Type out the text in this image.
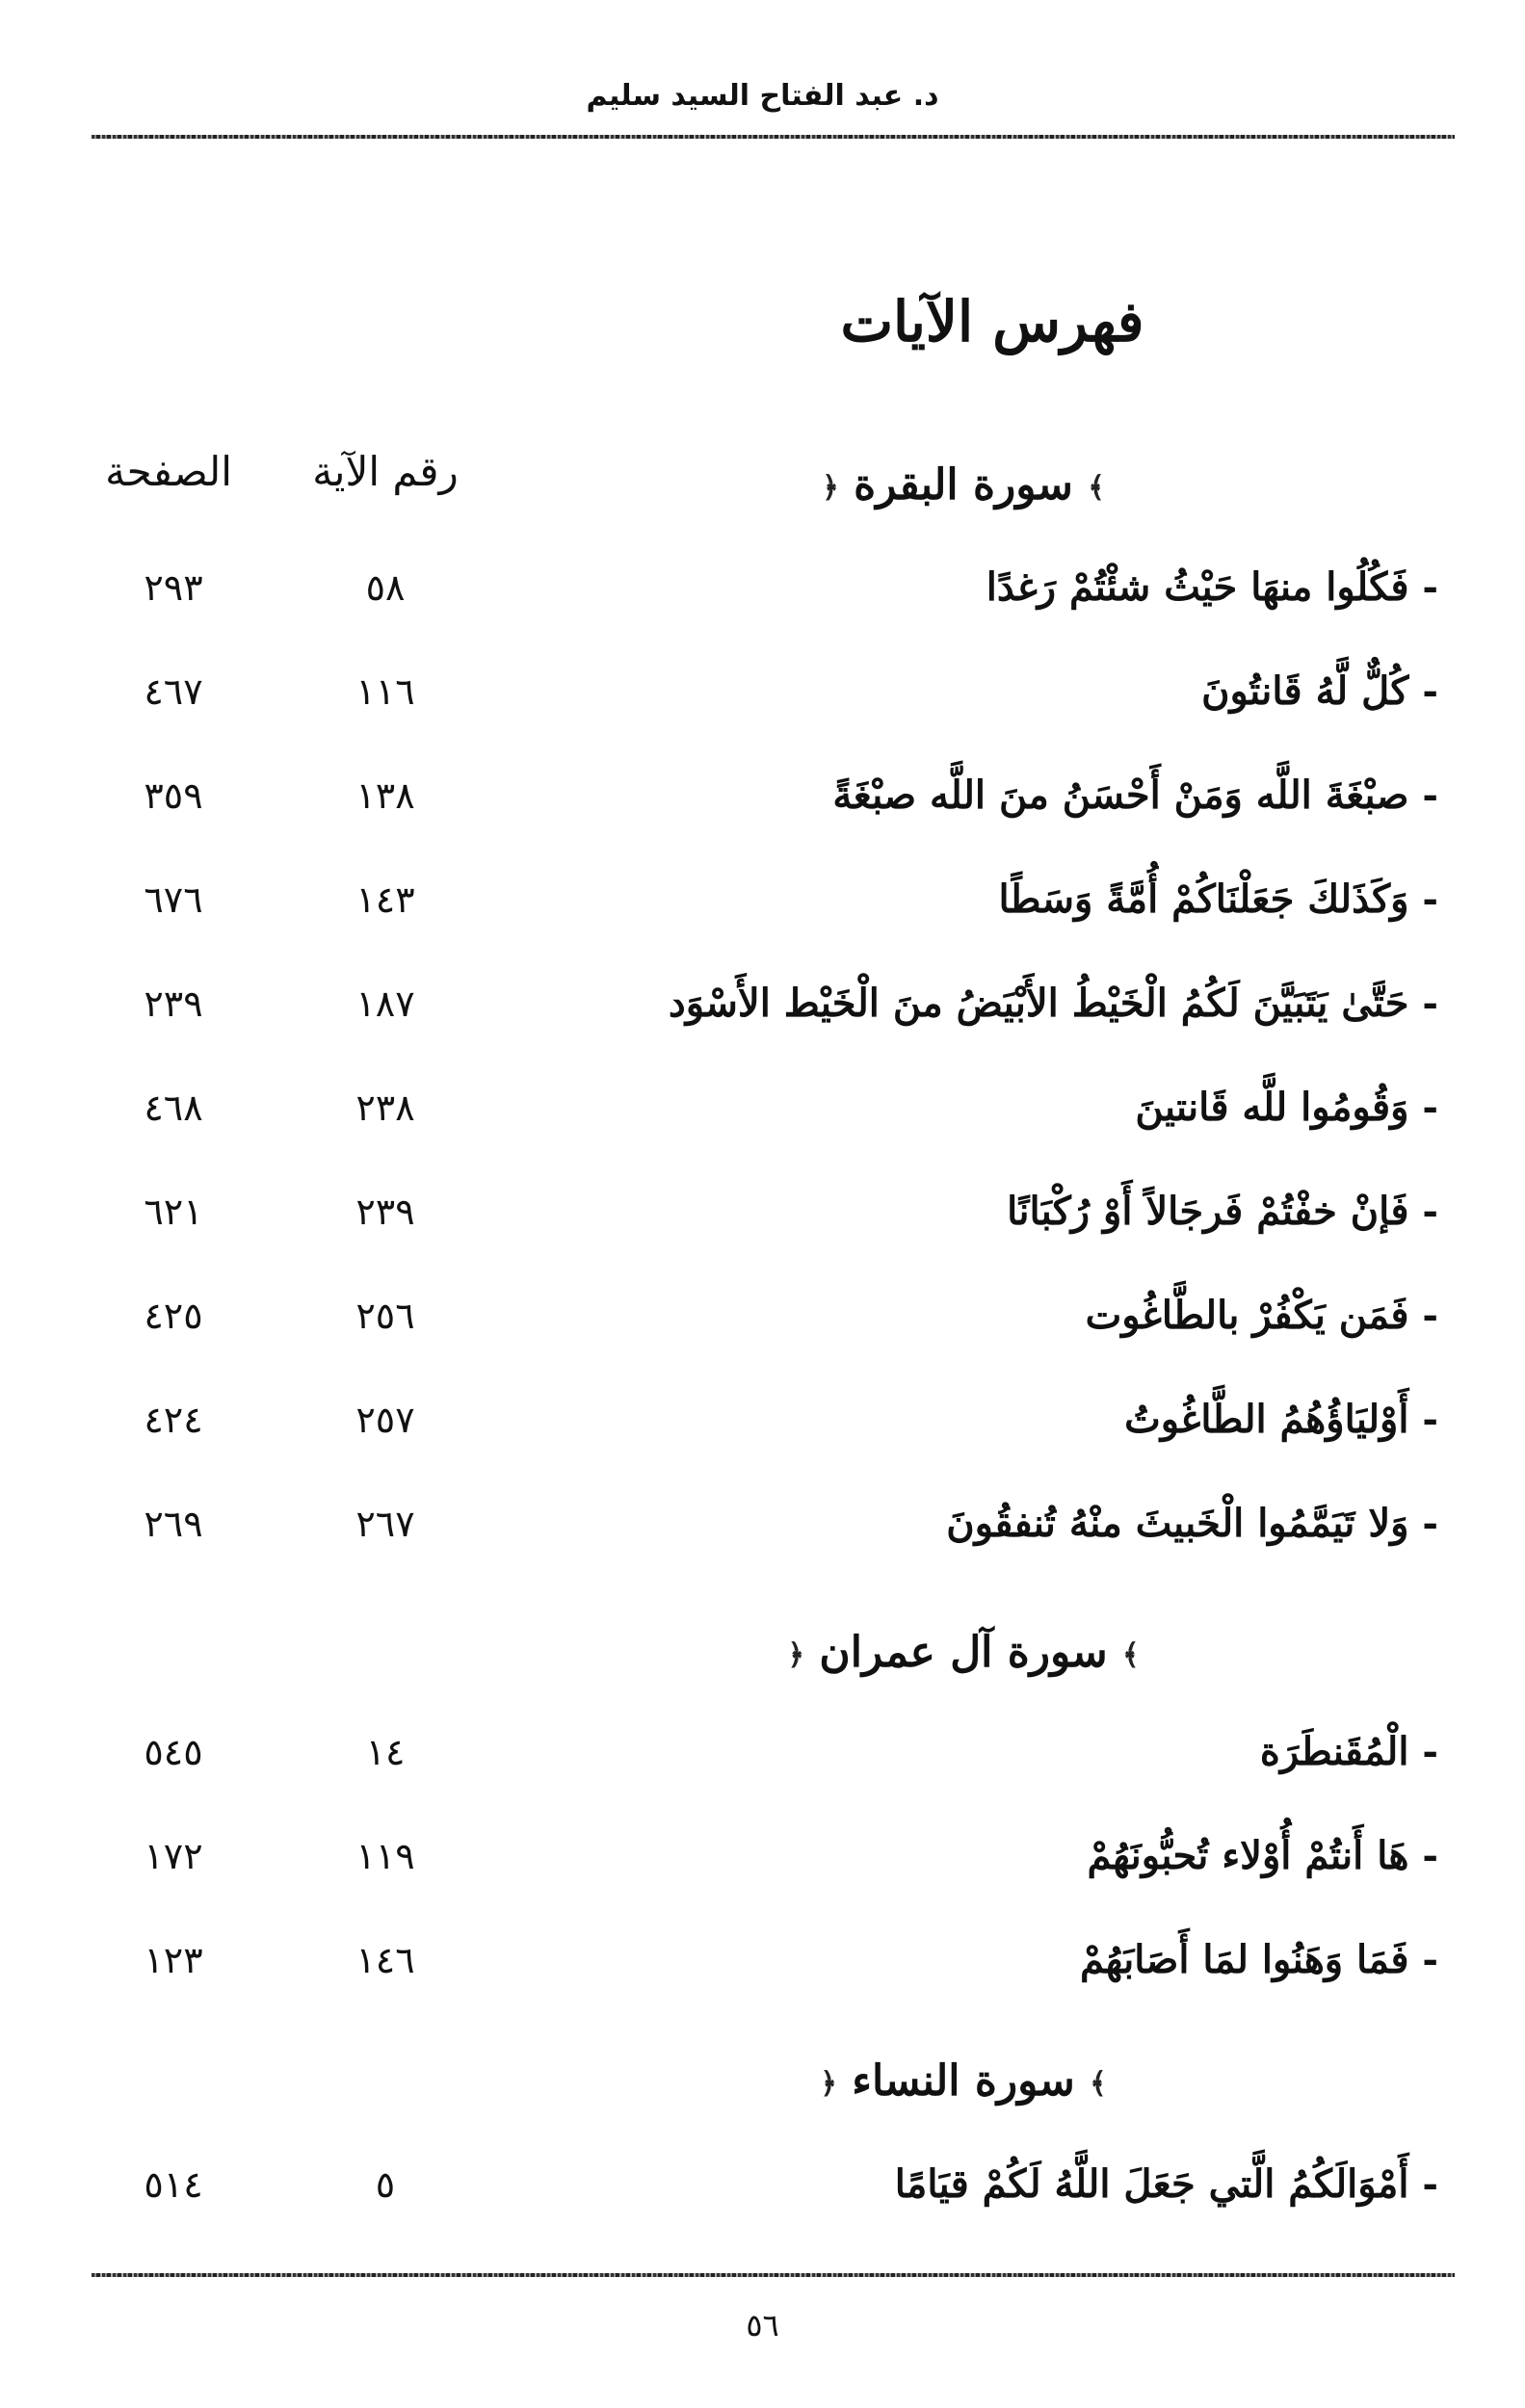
د. عبد الفتاح السيد سليم
فهرس الآيات
رقم الآية
الصفحة	﴾ سورة البقرة ﴿
- فَكُلُوا منهَا حَيْثُ شئْتُمْ رَغدًا
٥٨
٢٩٣
- كُلٌّ لَّهُ قَانتُونَ
١١٦
٤٦٧
- صبْغَةَ اللَّه وَمَنْ أَحْسَنُ منَ اللَّه صبْغَةً
١٣٨
٣٥٩
- وَكَذَلكَ جَعَلْنَاكُمْ أُمَّةً وَسَطًا
١٤٣
٦٧٦
- حَتَّىٰ يَتَبَيَّنَ لَكُمُ الْخَيْطُ الأَبْيَضُ منَ الْخَيْط الأَسْوَد
١٨٧
٢٣٩
- وَقُومُوا للَّه قَانتينَ
٢٣٨
٤٦٨
- فَإنْ خفْتُمْ فَرجَالاً أَوْ رُكْبَانًا
٢٣٩
٦٢١
- فَمَن يَكْفُرْ بالطَّاغُوت
٢٥٦
٤٢٥
- أَوْليَاؤُهُمُ الطَّاغُوتُ
٢٥٧
٤٢٤
- وَلا تَيَمَّمُوا الْخَبيثَ منْهُ تُنفقُونَ
٢٦٧
٢٦٩
﴾ سورة آل عمران ﴿
- الْمُقَنطَرَة
١٤
٥٤٥
- هَا أَنتُمْ أُوْلاء تُحبُّونَهُمْ
١١٩
١٧٢
- فَمَا وَهَنُوا لمَا أَصَابَهُمْ
١٤٦
١٢٣
﴾ سورة النساء ﴿
- أَمْوَالَكُمُ الَّتي جَعَلَ اللَّهُ لَكُمْ قيَامًا
٥
٥١٤
٥٦
